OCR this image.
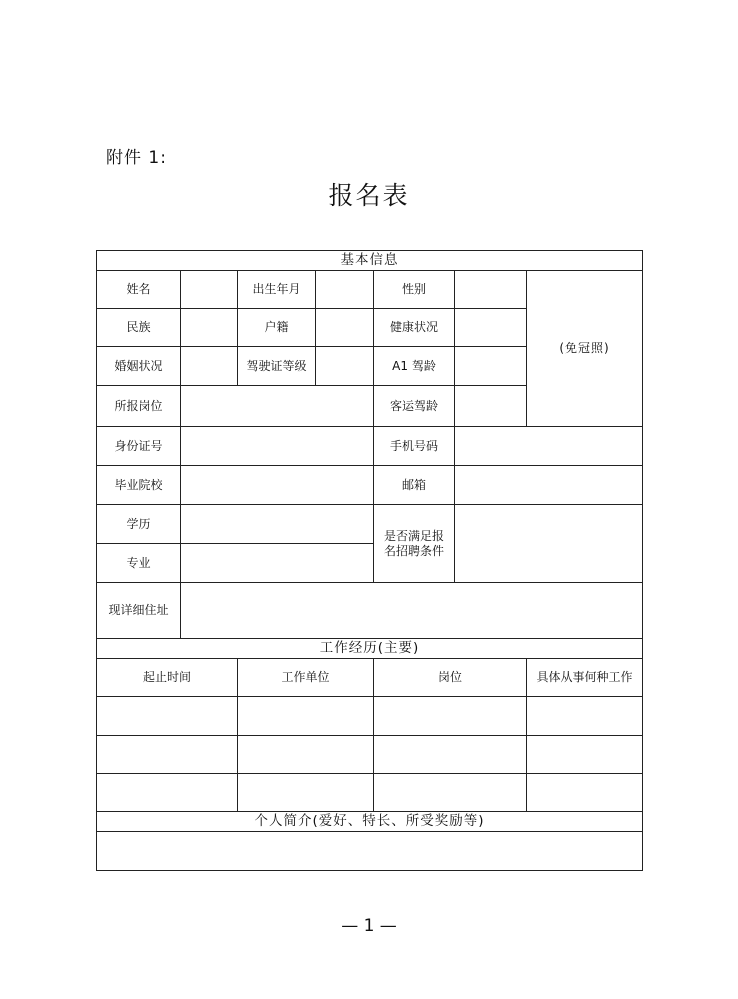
附件 1:
报名表
基本信息						
姓名		出生年月		性别		(免冠照)
民族		户籍		健康状况		
婚姻状况		驾驶证等级		A1 驾龄		
所报岗位				客运驾龄		
身份证号				手机号码		
毕业院校				邮箱		
学历				是否满足报
名招聘条件		
专业						
现详细住址						
工作经历(主要)						
起止时间		工作单位		岗位		具体从事何种工作

个人简介(爱好、特长、所受奖励等)						

— 1 —
